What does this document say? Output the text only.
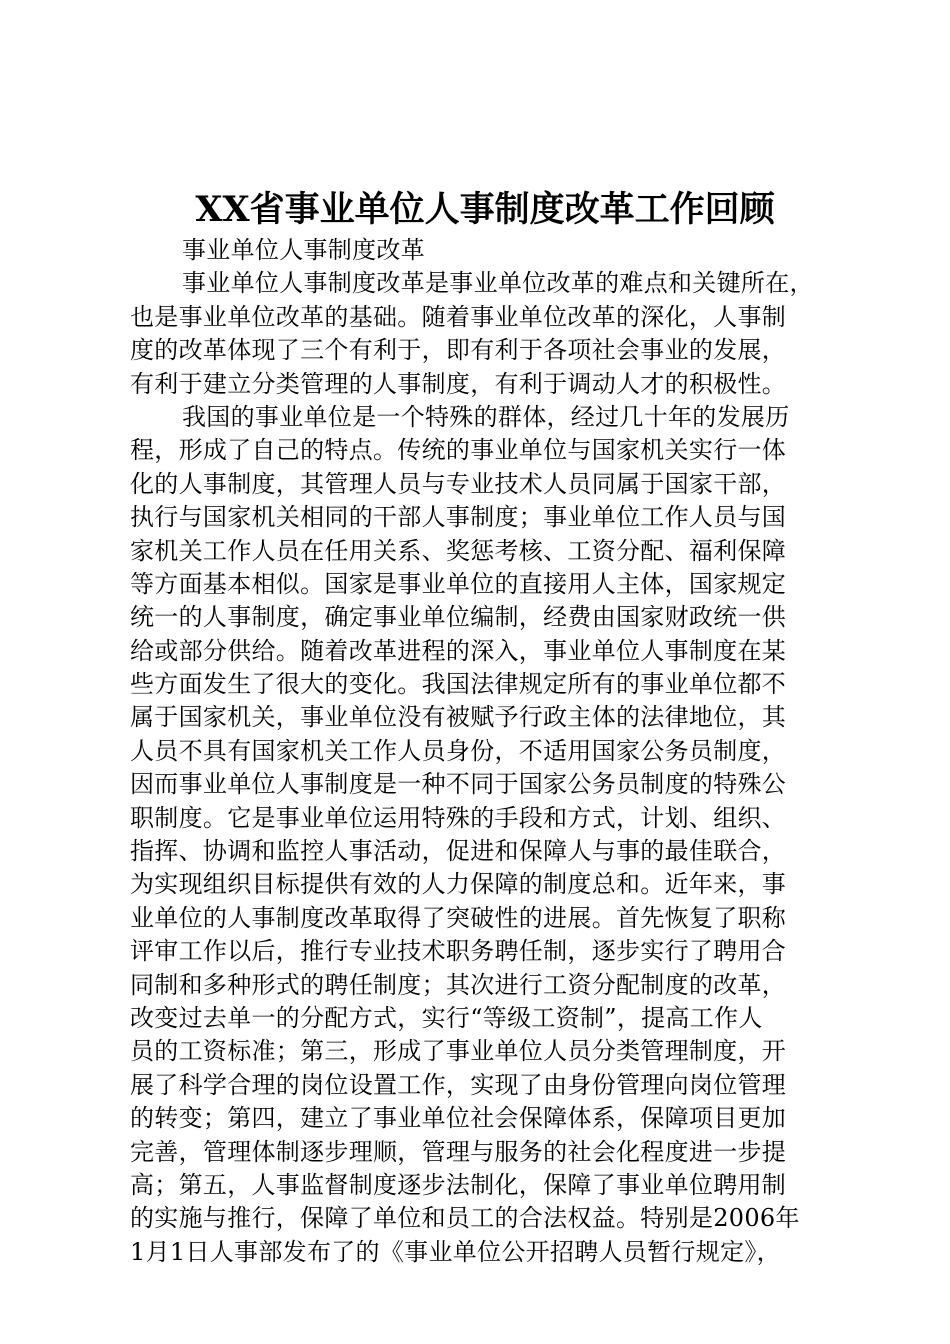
XX省事业单位人事制度改革工作回顾
事业单位人事制度改革
事业单位人事制度改革是事业单位改革的难点和关键所在，
也是事业单位改革的基础。随着事业单位改革的深化，人事制
度的改革体现了三个有利于，即有利于各项社会事业的发展，
有利于建立分类管理的人事制度，有利于调动人才的积极性。
我国的事业单位是一个特殊的群体，经过几十年的发展历
程，形成了自己的特点。传统的事业单位与国家机关实行一体
化的人事制度，其管理人员与专业技术人员同属于国家干部，
执行与国家机关相同的干部人事制度；事业单位工作人员与国
家机关工作人员在任用关系、奖惩考核、工资分配、福利保障
等方面基本相似。国家是事业单位的直接用人主体，国家规定
统一的人事制度，确定事业单位编制，经费由国家财政统一供
给或部分供给。随着改革进程的深入，事业单位人事制度在某
些方面发生了很大的变化。我国法律规定所有的事业单位都不
属于国家机关，事业单位没有被赋予行政主体的法律地位，其
人员不具有国家机关工作人员身份，不适用国家公务员制度，
因而事业单位人事制度是一种不同于国家公务员制度的特殊公
职制度。它是事业单位运用特殊的手段和方式，计划、组织、
指挥、协调和监控人事活动，促进和保障人与事的最佳联合，
为实现组织目标提供有效的人力保障的制度总和。近年来，事
业单位的人事制度改革取得了突破性的进展。首先恢复了职称
评审工作以后，推行专业技术职务聘任制，逐步实行了聘用合
同制和多种形式的聘任制度；其次进行工资分配制度的改革，
改变过去单一的分配方式，实行“等级工资制”，提高工作人
员的工资标准；第三，形成了事业单位人员分类管理制度，开
展了科学合理的岗位设置工作，实现了由身份管理向岗位管理
的转变；第四，建立了事业单位社会保障体系，保障项目更加
完善，管理体制逐步理顺，管理与服务的社会化程度进一步提
高；第五，人事监督制度逐步法制化，保障了事业单位聘用制
的实施与推行，保障了单位和员工的合法权益。特别是2006年
1月1日人事部发布了的《事业单位公开招聘人员暂行规定》，
